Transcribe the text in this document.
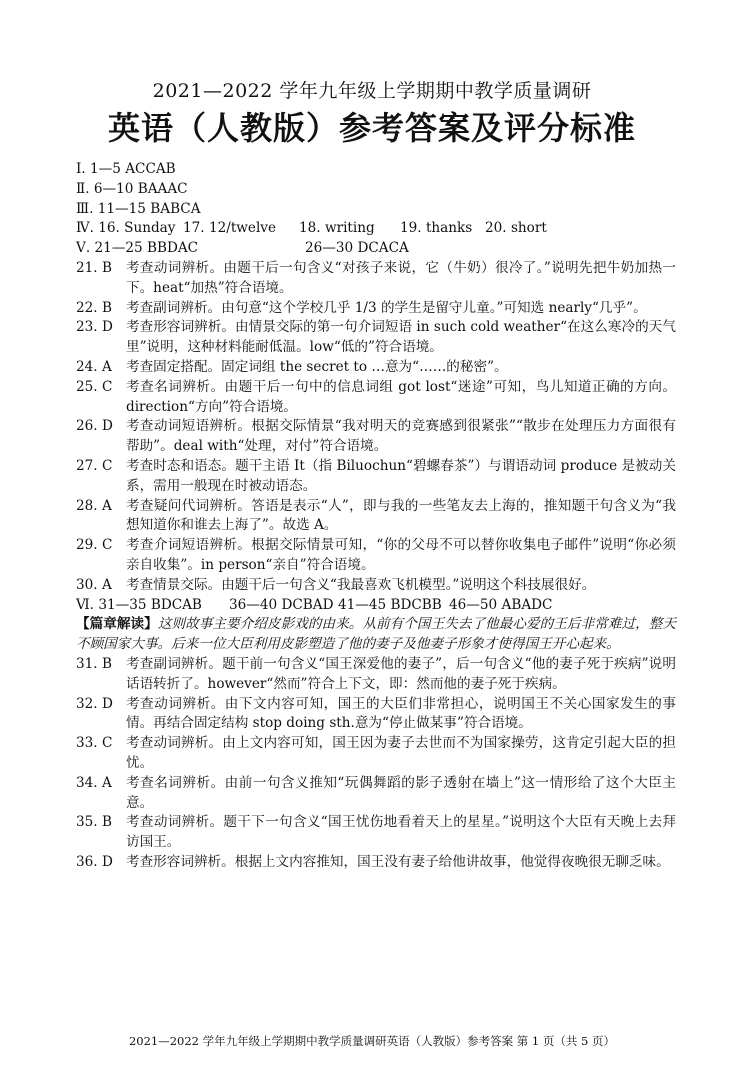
2021—2022 学年九年级上学期期中教学质量调研
英语（人教版）参考答案及评分标准
Ⅰ. 1—5 ACCAB
Ⅱ. 6—10 BAAAC
Ⅲ. 11—15 BABCA
Ⅳ. 16. Sunday 17. 12/twelve 18. writing 19. thanks 20. short
Ⅴ. 21—25 BBDAC	26—30 DCACA
21. B	考查动词辨析。由题干后一句含义“对孩子来说，它（牛奶）很冷了。”说明先把牛奶加热一下。heat“加热”符合语境。
22. B	考查副词辨析。由句意“这个学校几乎 1/3 的学生是留守儿童。”可知选 nearly“几乎”。
23. D 考查形容词辨析。由情景交际的第一句介词短语 in such cold weather“在这么寒冷的天气里”说明，这种材料能耐低温。low“低的”符合语境。
24. A	考查固定搭配。固定词组 the secret to …意为“……的秘密”。
25. C	考查名词辨析。由题干后一句中的信息词组 got lost“迷途”可知，鸟儿知道正确的方向。direction“方向”符合语境。
26. D 考查动词短语辨析。根据交际情景“我对明天的竞赛感到很紧张”“散步在处理压力方面很有帮助”。deal with“处理，对付”符合语境。
27. C	考查时态和语态。题干主语 It（指 Biluochun“碧螺春茶”）与谓语动词 produce 是被动关系，需用一般现在时被动语态。
28. A	考查疑问代词辨析。答语是表示“人”，即与我的一些笔友去上海的，推知题干句含义为“我想知道你和谁去上海了”。故选 A。
29. C	考查介词短语辨析。根据交际情景可知，“你的父母不可以替你收集电子邮件”说明“你必须亲自收集”。in person“亲自”符合语境。
30. A	考查情景交际。由题干后一句含义“我最喜欢飞机模型。”说明这个科技展很好。
Ⅵ. 31—35 BDCAB 36—40 DCBAD 41—45 BDCBB 46—50 ABADC
【篇章解读】这则故事主要介绍皮影戏的由来。从前有个国王失去了他最心爱的王后非常难过，整天不顾国家大事。后来一位大臣利用皮影塑造了他的妻子及他妻子形象才使得国王开心起来。
31. B	考查副词辨析。题干前一句含义“国王深爱他的妻子”，后一句含义“他的妻子死于疾病”说明话语转折了。however“然而”符合上下文，即：然而他的妻子死于疾病。
32. D 考查动词辨析。由下文内容可知，国王的大臣们非常担心，说明国王不关心国家发生的事情。再结合固定结构 stop doing sth.意为“停止做某事”符合语境。
33. C	考查动词辨析。由上文内容可知，国王因为妻子去世而不为国家操劳，这肯定引起大臣的担忧。
34. A	考查名词辨析。由前一句含义推知“玩偶舞蹈的影子透射在墙上”这一情形给了这个大臣主意。
35. B	考查动词辨析。题干下一句含义“国王忧伤地看着天上的星星。”说明这个大臣有天晚上去拜访国王。
36. D 考查形容词辨析。根据上文内容推知，国王没有妻子给他讲故事，他觉得夜晚很无聊乏味。
2021—2022 学年九年级上学期期中教学质量调研英语（人教版）参考答案 第 1 页（共 5 页）
